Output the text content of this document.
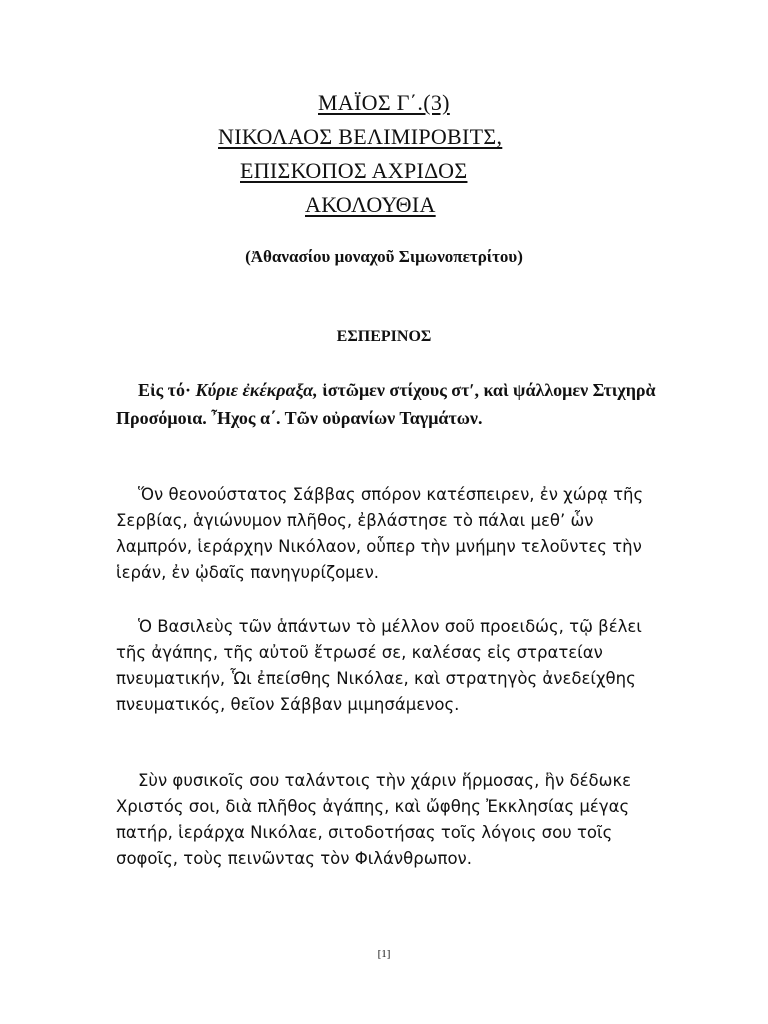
ΜΑΪΟΣ Γ΄.(3)
ΝΙΚΟΛΑΟΣ ΒΕΛΙΜΙΡΟΒΙΤΣ,
ΕΠΙΣΚΟΠΟΣ ΑΧΡΙΔΟΣ
ΑΚΟΛΟΥΘΙΑ
(Ἀθανασίου μοναχοῦ Σιμωνοπετρίτου)
ΕΣΠΕΡΙΝΟΣ
Εἰς τό· Κύριε ἐκέκραξα, ἱστῶμεν στίχους στʹ, καὶ ψάλλομεν Στιχηρὰ Προσόμοια. Ἦχος α΄. Τῶν οὐρανίων Ταγμάτων.
Ὅν θεονούστατος Σάββας σπόρον κατέσπειρεν, ἐν χώρᾳ τῆς Σερβίας, ἁγιώνυμον πλῆθος, ἐβλάστησε τὸ πάλαι μεθ’ ὧν λαμπρόν, ἱεράρχην Νικόλαον, οὗπερ τὴν μνήμην τελοῦντες τὴν ἱεράν, ἐν ᾠδαῖς πανηγυρίζομεν.
Ὁ Βασιλεὺς τῶν ἁπάντων τὸ μέλλον σοῦ προειδώς, τῷ βέλει τῆς ἀγάπης, τῆς αὐτοῦ ἔτρωσέ σε, καλέσας εἰς στρατείαν πνευματικήν, Ὧι ἐπείσθης Νικόλαε, καὶ στρατηγὸς ἀνεδείχθης πνευματικός, θεῖον Σάββαν μιμησάμενος.
Σὺν φυσικοῖς σου ταλάντοις τὴν χάριν ἥρμοσας, ἣν δέδωκε Χριστός σοι, διὰ πλῆθος ἀγάπης, καὶ ὤφθης Ἐκκλησίας μέγας πατήρ, ἱεράρχα Νικόλαε, σιτοδοτήσας τοῖς λόγοις σου τοῖς σοφοῖς, τοὺς πεινῶντας τὸν Φιλάνθρωπον.
[1]
